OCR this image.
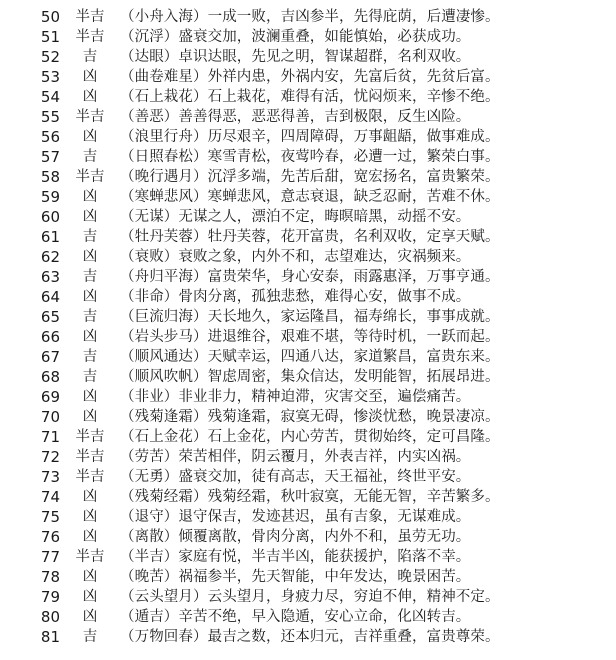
50	半吉	（小舟入海）一成一败，吉凶参半，先得庇荫，后遭凄惨。
51	半吉	（沉浮）盛衰交加，波澜重叠，如能慎始，必获成功。
52	吉	（达眼）卓识达眼，先见之明，智谋超群，名利双收。
53	凶	（曲卷难星）外祥内患，外祸内安，先富后贫，先贫后富。
54	凶	（石上栽花）石上栽花，难得有活，忧闷烦来，辛惨不绝。
55	半吉	（善恶）善善得恶，恶恶得善，吉到极限，反生凶险。
56	凶	（浪里行舟）历尽艰辛，四周障碍，万事龃龉，做事难成。
57	吉	（日照春松）寒雪青松，夜莺吟春，必遭一过，繁荣白事。
58	半吉	（晚行遇月）沉浮多端，先苦后甜，宽宏扬名，富贵繁荣。
59	凶	（寒蝉悲风）寒蝉悲风，意志衰退，缺乏忍耐，苦难不休。
60	凶	（无谋）无谋之人，漂泊不定，晦暝暗黑，动摇不安。
61	吉	（牡丹芙蓉）牡丹芙蓉，花开富贵，名利双收，定享天赋。
62	凶	（衰败）衰败之象，内外不和，志望难达，灾祸频来。
63	吉	（舟归平海）富贵荣华，身心安泰，雨露惠泽，万事亨通。
64	凶	（非命）骨肉分离，孤独悲愁，难得心安，做事不成。
65	吉	（巨流归海）天长地久，家运隆昌，福寿绵长，事事成就。
66	凶	（岩头步马）进退维谷，艰难不堪，等待时机，一跃而起。
67	吉	（顺风通达）天赋幸运，四通八达，家道繁昌，富贵东来。
68	吉	（顺风吹帆）智虑周密，集众信达，发明能智，拓展昂进。
69	凶	（非业）非业非力，精神迫滞，灾害交至，遍偿痛苦。
70	凶	（残菊逢霜）残菊逢霜，寂寞无碍，惨淡忧愁，晚景凄凉。
71	半吉	（石上金花）石上金花，内心劳苦，贯彻始终，定可昌隆。
72	半吉	（劳苦）荣苦相伴，阴云覆月，外表吉祥，内实凶祸。
73	半吉	（无勇）盛衰交加，徒有高志，天王福祉，终世平安。
74	凶	（残菊经霜）残菊经霜，秋叶寂寞，无能无智，辛苦繁多。
75	凶	（退守）退守保吉，发迹甚迟，虽有吉象，无谋难成。
76	凶	（离散）倾覆离散，骨肉分离，内外不和，虽劳无功。
77	半吉	（半吉）家庭有悦，半吉半凶，能获援护，陷落不幸。
78	凶	（晚苦）祸福参半，先天智能，中年发达，晚景困苦。
79	凶	（云头望月）云头望月，身疲力尽，穷迫不伸，精神不定。
80	凶	（遁吉）辛苦不绝，早入隐遁，安心立命，化凶转吉。
81	吉	（万物回春）最吉之数，还本归元，吉祥重叠，富贵尊荣。
